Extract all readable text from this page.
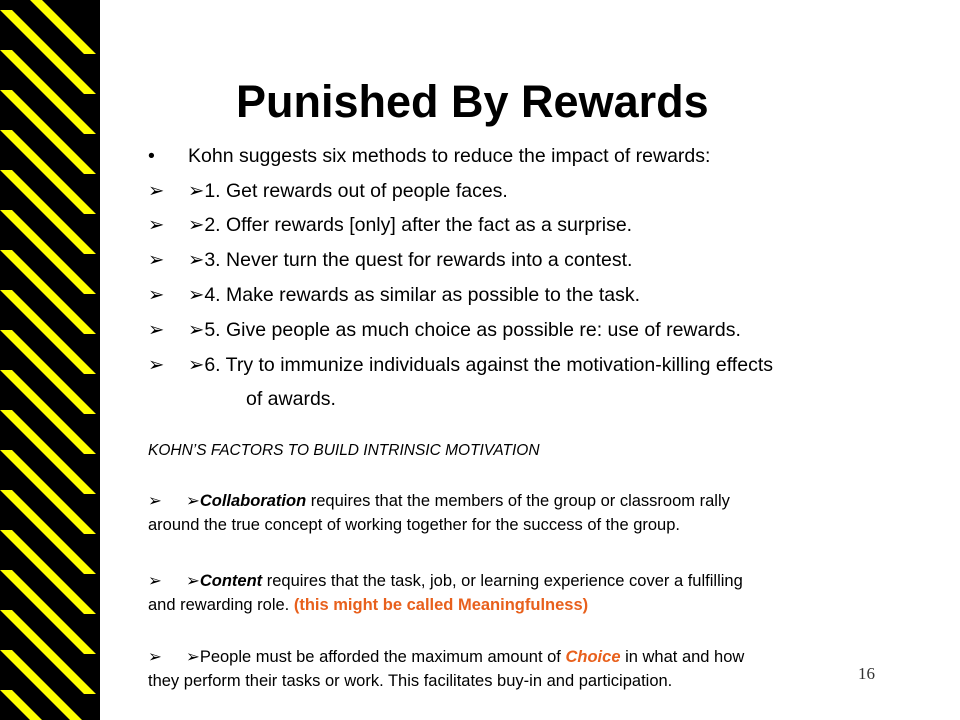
Punished By Rewards
• Kohn suggests six methods to reduce the impact of rewards:
➢ ➢1. Get rewards out of people faces.
➢ ➢2. Offer rewards [only] after the fact as a surprise.
➢ ➢3. Never turn the quest for rewards into a contest.
➢ ➢4. Make rewards as similar as possible to the task.
➢ ➢5. Give people as much choice as possible re: use of rewards.
➢ ➢6. Try to immunize individuals against the motivation-killing effects
of awards.
KOHN’S FACTORS TO BUILD INTRINSIC MOTIVATION
➢ ➢Collaboration requires that the members of the group or classroom rally
around the true concept of working together for the success of the group.
➢ ➢Content requires that the task, job, or learning experience cover a fulfilling
and rewarding role. (this might be called Meaningfulness)
➢ ➢People must be afforded the maximum amount of Choice in what and how
they perform their tasks or work. This facilitates buy-in and participation.	16
